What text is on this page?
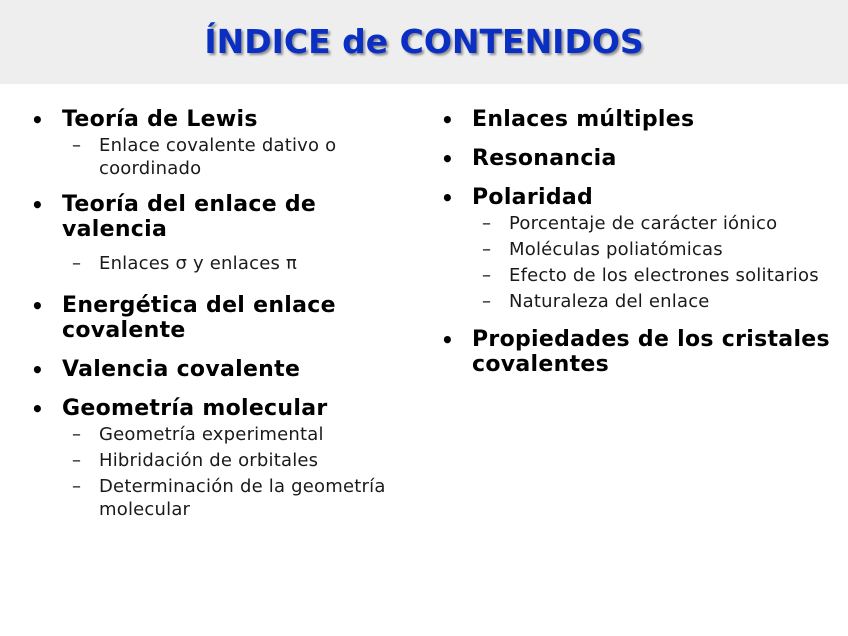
ÍNDICE de CONTENIDOS
• Teoría de Lewis
– Enlace covalente dativo o coordinado
• Teoría del enlace de valencia
– Enlaces σ y enlaces π
• Energética del enlace covalente
• Valencia covalente
• Geometría molecular
– Geometría experimental
– Hibridación de orbitales
– Determinación de la geometría molecular
• Enlaces múltiples
• Resonancia
• Polaridad
– Porcentaje de carácter iónico
– Moléculas poliatómicas
– Efecto de los electrones solitarios
– Naturaleza del enlace
• Propiedades de los cristales covalentes
